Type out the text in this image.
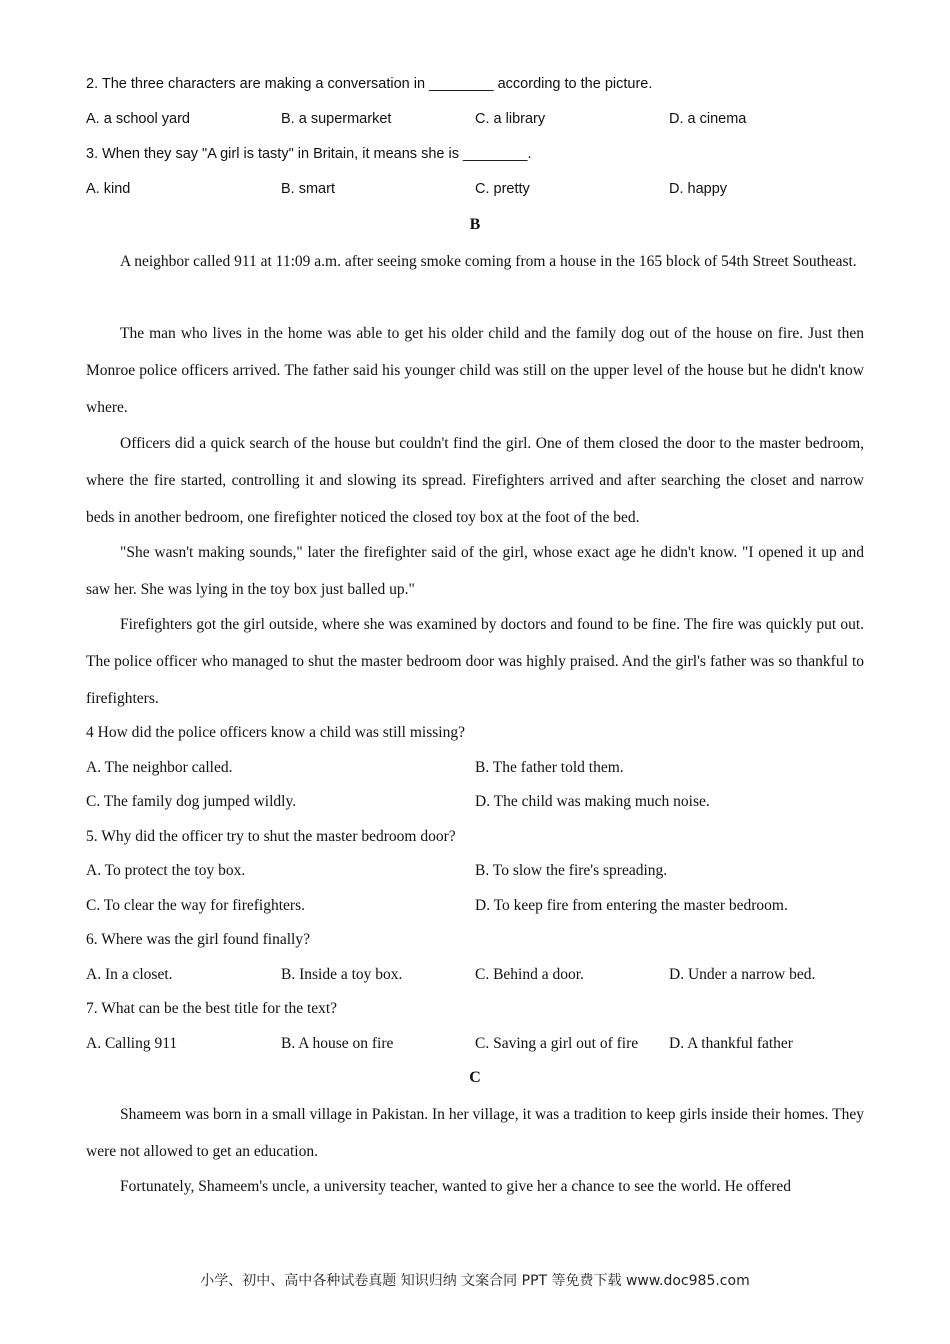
2. The three characters are making a conversation in ________ according to the picture.
A. a school yard	B. a supermarket	C. a library	D. a cinema
3. When they say "A girl is tasty" in Britain, it means she is ________.
A. kind	B. smart	C. pretty	D. happy
B
A neighbor called 911 at 11:09 a.m. after seeing smoke coming from a house in the 165 block of 54th Street Southeast.
The man who lives in the home was able to get his older child and the family dog out of the house on fire. Just then Monroe police officers arrived. The father said his younger child was still on the upper level of the house but he didn't know where.
Officers did a quick search of the house but couldn't find the girl. One of them closed the door to the master bedroom, where the fire started, controlling it and slowing its spread. Firefighters arrived and after searching the closet and narrow beds in another bedroom, one firefighter noticed the closed toy box at the foot of the bed.
"She wasn't making sounds," later the firefighter said of the girl, whose exact age he didn't know. "I opened it up and saw her. She was lying in the toy box just balled up."
Firefighters got the girl outside, where she was examined by doctors and found to be fine. The fire was quickly put out. The police officer who managed to shut the master bedroom door was highly praised. And the girl's father was so thankful to firefighters.
4 How did the police officers know a child was still missing?
A. The neighbor called.	B. The father told them.
C. The family dog jumped wildly.	D. The child was making much noise.
5. Why did the officer try to shut the master bedroom door?
A. To protect the toy box.	B. To slow the fire's spreading.
C. To clear the way for firefighters.	D. To keep fire from entering the master bedroom.
6. Where was the girl found finally?
A. In a closet.	B. Inside a toy box.	C. Behind a door.	D. Under a narrow bed.
7. What can be the best title for the text?
A. Calling 911	B. A house on fire	C. Saving a girl out of fire D. A thankful father
C
Shameem was born in a small village in Pakistan. In her village, it was a tradition to keep girls inside their homes. They were not allowed to get an education.
Fortunately, Shameem's uncle, a university teacher, wanted to give her a chance to see the world. He offered
小学、初中、高中各种试卷真题 知识归纳 文案合同 PPT 等免费下载 www.doc985.com
